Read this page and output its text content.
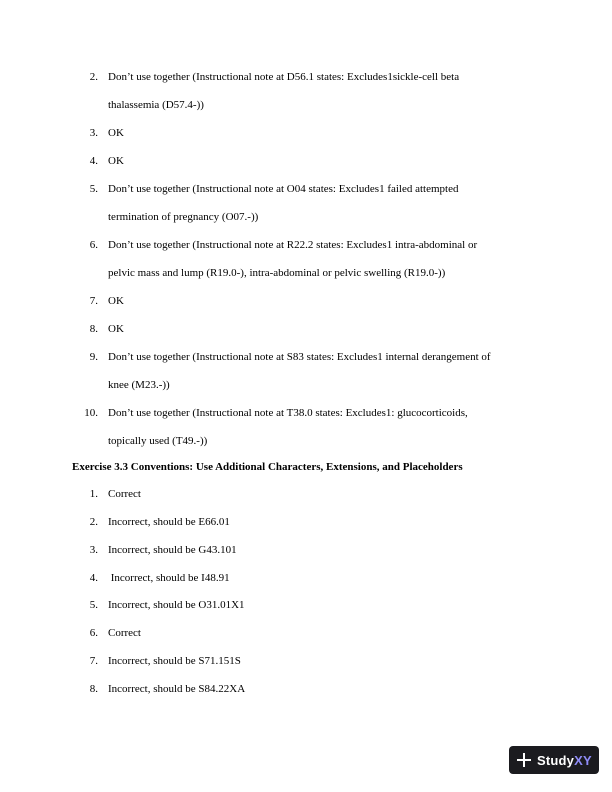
2. Don’t use together (Instructional note at D56.1 states: Excludes1sickle-cell beta
thalassemia (D57.4-))
3. OK
4. OK
5. Don’t use together (Instructional note at O04 states: Excludes1 failed attempted
termination of pregnancy (O07.-))
6. Don’t use together (Instructional note at R22.2 states: Excludes1 intra-abdominal or
pelvic mass and lump (R19.0-), intra-abdominal or pelvic swelling (R19.0-))
7. OK
8. OK
9. Don’t use together (Instructional note at S83 states: Excludes1 internal derangement of
knee (M23.-))
10. Don’t use together (Instructional note at T38.0 states: Excludes1: glucocorticoids,
topically used (T49.-))
Exercise 3.3 Conventions: Use Additional Characters, Extensions, and Placeholders
1. Correct
2. Incorrect, should be E66.01
3. Incorrect, should be G43.101
4. Incorrect, should be I48.91
5. Incorrect, should be O31.01X1
6. Correct
7. Incorrect, should be S71.151S
8. Incorrect, should be S84.22XA
StudyXY
